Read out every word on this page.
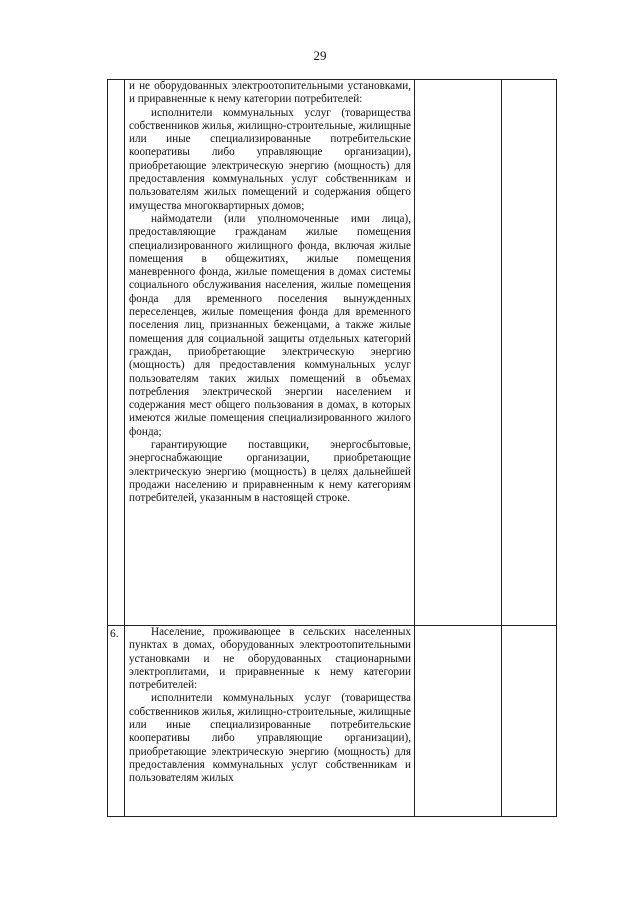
29

	и не оборудованных электроотопительными установками, и приравненные к нему категории потребителей:

исполнители коммунальных услуг (товарищества собственников жилья, жилищно-строительные, жилищные или иные специализированные потребительские кооперативы либо управляющие организации), приобретающие электрическую энергию (мощность) для предоставления коммунальных услуг собственникам и пользователям жилых помещений и содержания общего имущества многоквартирных домов;

наймодатели (или уполномоченные ими лица), предоставляющие гражданам жилые помещения специализированного жилищного фонда, включая жилые помещения в общежитиях, жилые помещения маневренного фонда, жилые помещения в домах системы социального обслуживания населения, жилые помещения фонда для временного поселения вынужденных переселенцев, жилые помещения фонда для временного поселения лиц, признанных беженцами, а также жилые помещения для социальной защиты отдельных категорий граждан, приобретающие электрическую энергию (мощность) для предоставления коммунальных услуг пользователям таких жилых помещений в объемах потребления электрической энергии населением и содержания мест общего пользования в домах, в которых имеются жилые помещения специализированного жилого фонда;

гарантирующие поставщики, энергосбытовые, энергоснабжающие организации, приобретающие электрическую энергию (мощность) в целях дальнейшей продажи населению и приравненным к нему категориям потребителей, указанным в настоящей строке.		

6.	Население, проживающее в сельских населенных пунктах в домах, оборудованных электроотопительными установками и не оборудованных стационарными электроплитами, и приравненные к нему категории потребителей:

исполнители коммунальных услуг (товарищества собственников жилья, жилищно-строительные, жилищные или иные специализированные потребительские кооперативы либо управляющие организации), приобретающие электрическую энергию (мощность) для предоставления коммунальных услуг собственникам и пользователям жилых		
